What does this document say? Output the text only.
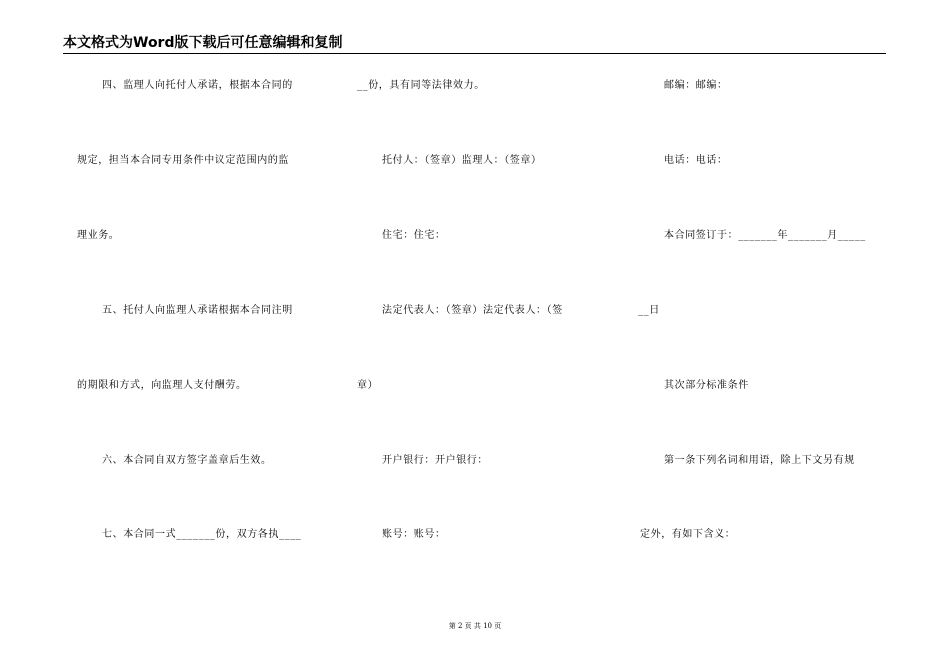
本文格式为Word版下载后可任意编辑和复制
四、监理人向托付人承诺，根据本合同的
规定，担当本合同专用条件中议定范围内的监
理业务。
五、托付人向监理人承诺根据本合同注明
的期限和方式，向监理人支付酬劳。
六、本合同自双方签字盖章后生效。
七、本合同一式_______份，双方各执____
__份，具有同等法律效力。
托付人：（签章）监理人：（签章）
住宅：住宅：
法定代表人：（签章）法定代表人：（签
章）
开户银行：开户银行：
账号：账号：
邮编：邮编：
电话：电话：
本合同签订于：_______年_______月_____
__日
其次部分标准条件
第一条下列名词和用语，除上下文另有规
定外，有如下含义：
第 2 页 共 10 页
